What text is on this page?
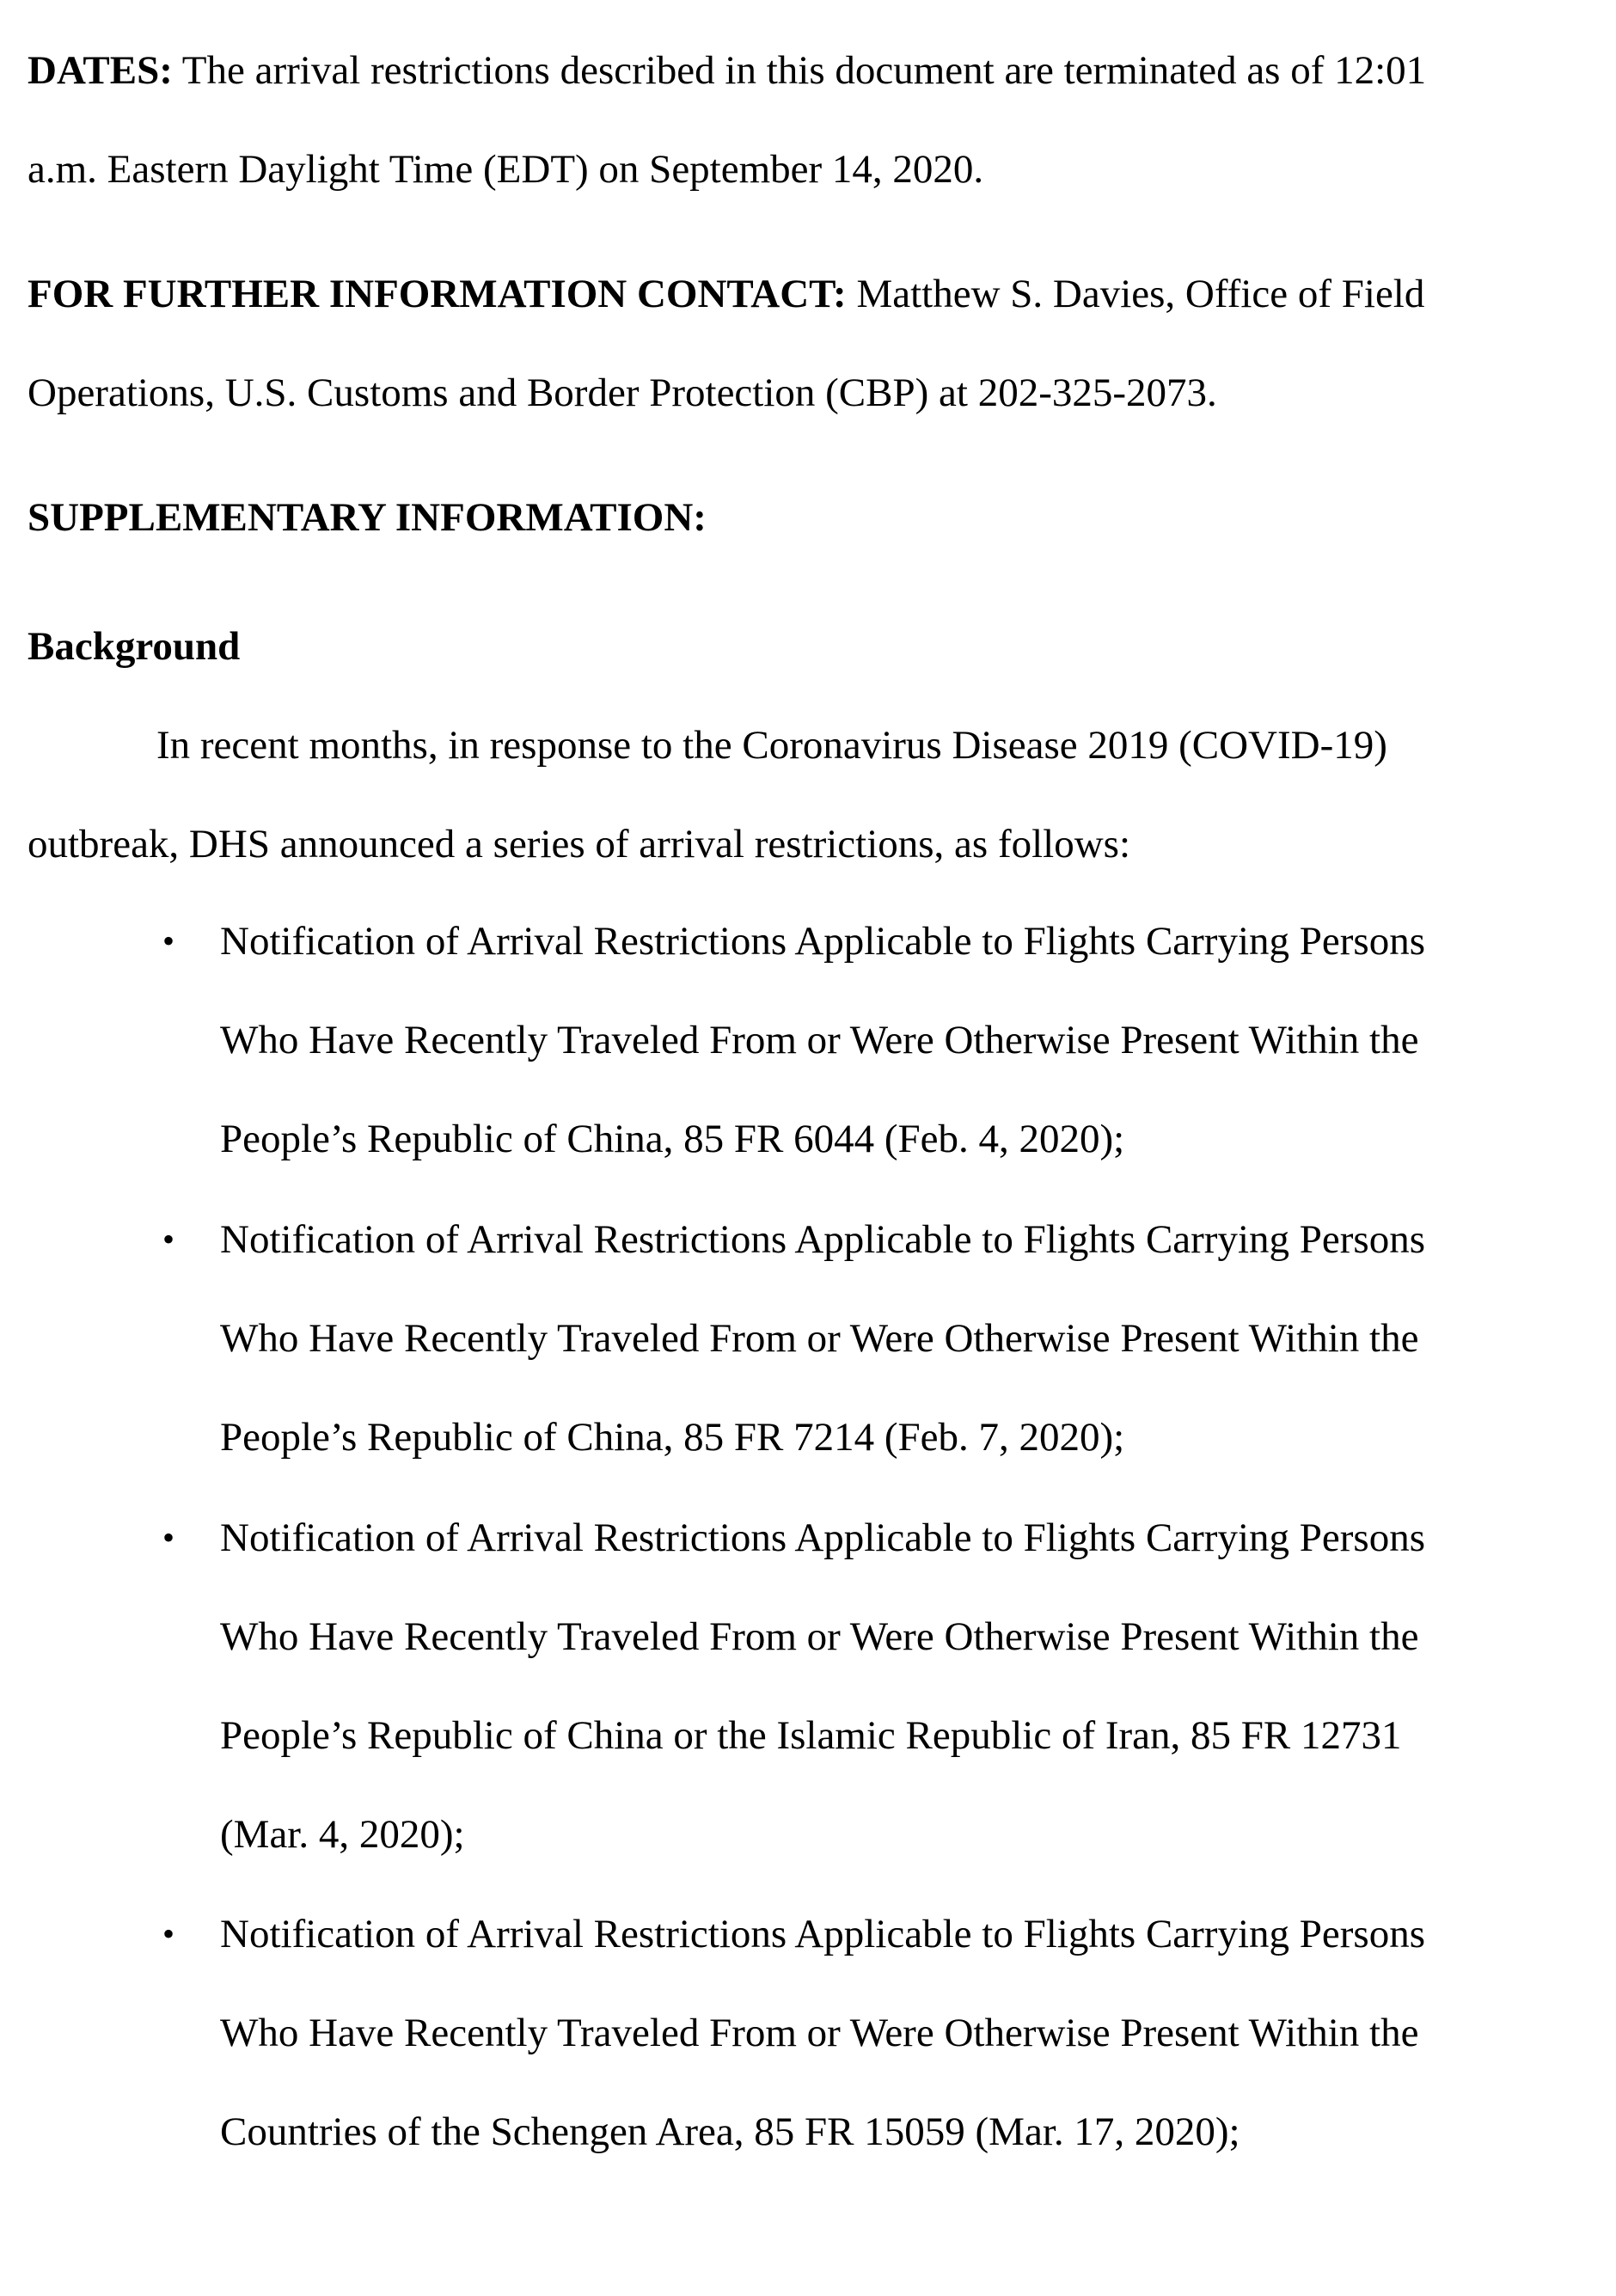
DATES: The arrival restrictions described in this document are terminated as of 12:01
a.m. Eastern Daylight Time (EDT) on September 14, 2020.
FOR FURTHER INFORMATION CONTACT: Matthew S. Davies, Office of Field
Operations, U.S. Customs and Border Protection (CBP) at 202-325-2073.
SUPPLEMENTARY INFORMATION:
Background
In recent months, in response to the Coronavirus Disease 2019 (COVID-19)
outbreak, DHS announced a series of arrival restrictions, as follows:
• Notification of Arrival Restrictions Applicable to Flights Carrying Persons
Who Have Recently Traveled From or Were Otherwise Present Within the
People’s Republic of China, 85 FR 6044 (Feb. 4, 2020);
• Notification of Arrival Restrictions Applicable to Flights Carrying Persons
Who Have Recently Traveled From or Were Otherwise Present Within the
People’s Republic of China, 85 FR 7214 (Feb. 7, 2020);
• Notification of Arrival Restrictions Applicable to Flights Carrying Persons
Who Have Recently Traveled From or Were Otherwise Present Within the
People’s Republic of China or the Islamic Republic of Iran, 85 FR 12731
(Mar. 4, 2020);
• Notification of Arrival Restrictions Applicable to Flights Carrying Persons
Who Have Recently Traveled From or Were Otherwise Present Within the
Countries of the Schengen Area, 85 FR 15059 (Mar. 17, 2020);
